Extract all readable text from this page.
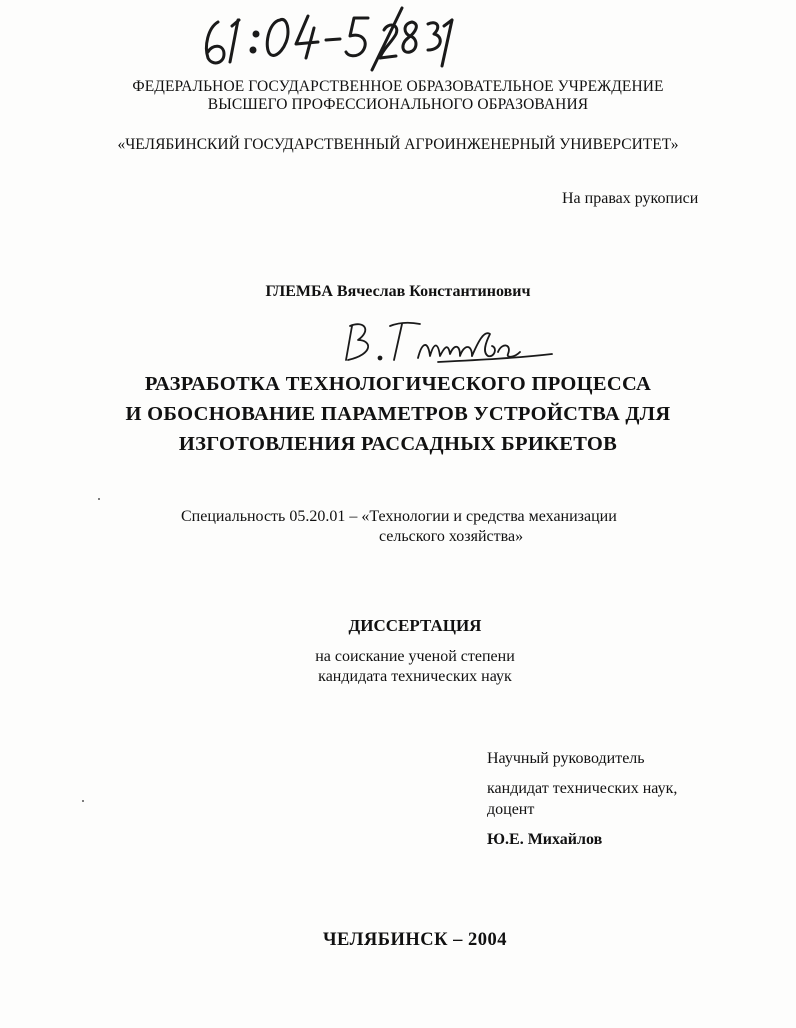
ФЕДЕРАЛЬНОЕ ГОСУДАРСТВЕННОЕ ОБРАЗОВАТЕЛЬНОЕ УЧРЕЖДЕНИЕ
ВЫСШЕГО ПРОФЕССИОНАЛЬНОГО ОБРАЗОВАНИЯ
«ЧЕЛЯБИНСКИЙ ГОСУДАРСТВЕННЫЙ АГРОИНЖЕНЕРНЫЙ УНИВЕРСИТЕТ»
На правах рукописи
ГЛЕМБА Вячеслав Константинович
РАЗРАБОТКА ТЕХНОЛОГИЧЕСКОГО ПРОЦЕССА
И ОБОСНОВАНИЕ ПАРАМЕТРОВ УСТРОЙСТВА ДЛЯ
ИЗГОТОВЛЕНИЯ РАССАДНЫХ БРИКЕТОВ
Специальность 05.20.01 – «Технологии и средства механизации
сельского хозяйства»
ДИССЕРТАЦИЯ
на соискание ученой степени
кандидата технических наук
Научный руководитель
кандидат технических наук,
доцент
Ю.Е. Михайлов
ЧЕЛЯБИНСК – 2004
